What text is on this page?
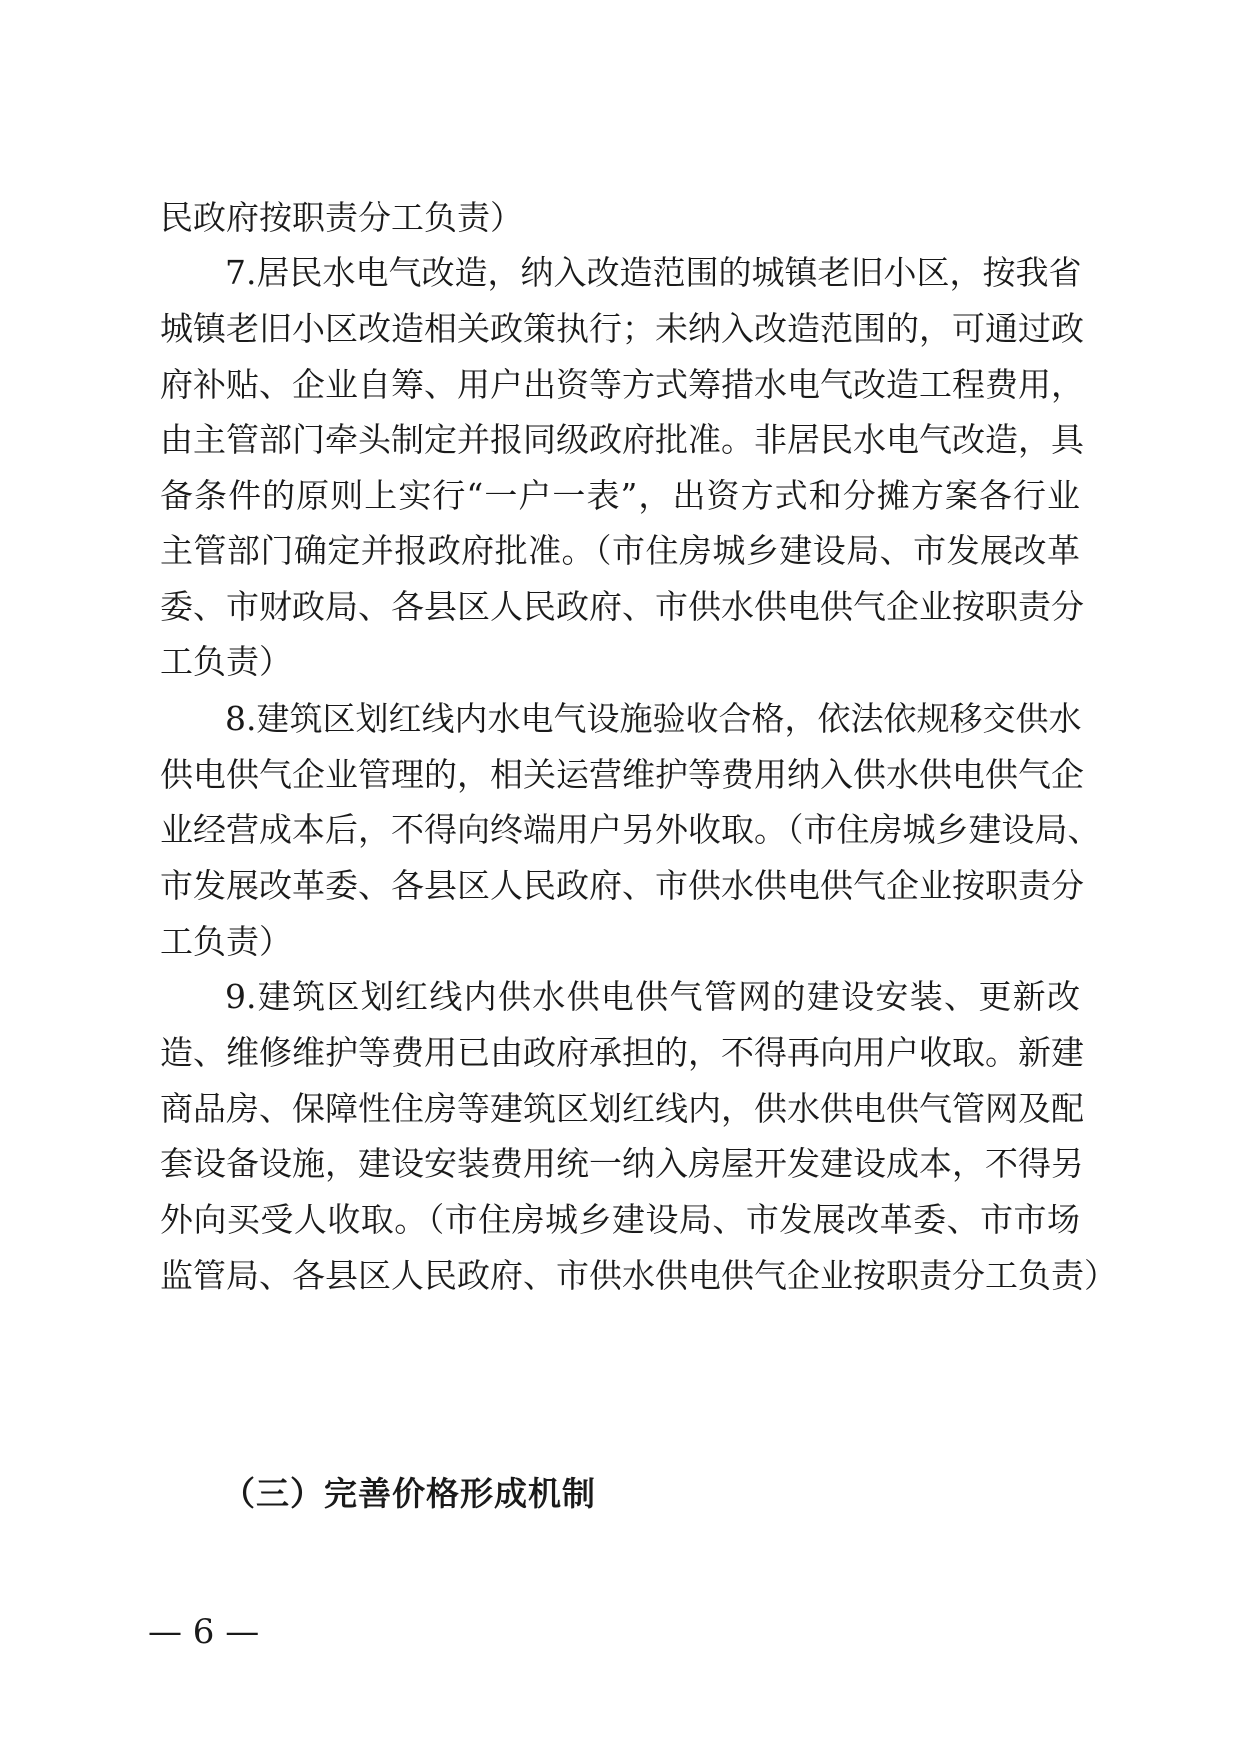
民政府按职责分工负责）
7.居民水电气改造，纳入改造范围的城镇老旧小区，按我省
城镇老旧小区改造相关政策执行；未纳入改造范围的，可通过政
府补贴、企业自筹、用户出资等方式筹措水电气改造工程费用，
由主管部门牵头制定并报同级政府批准。非居民水电气改造，具
备条件的原则上实行“一户一表”，出资方式和分摊方案各行业
主管部门确定并报政府批准。（市住房城乡建设局、市发展改革
委、市财政局、各县区人民政府、市供水供电供气企业按职责分
工负责）
8.建筑区划红线内水电气设施验收合格，依法依规移交供水
供电供气企业管理的，相关运营维护等费用纳入供水供电供气企
业经营成本后，不得向终端用户另外收取。（市住房城乡建设局、
市发展改革委、各县区人民政府、市供水供电供气企业按职责分
工负责）
9.建筑区划红线内供水供电供气管网的建设安装、更新改
造、维修维护等费用已由政府承担的，不得再向用户收取。新建
商品房、保障性住房等建筑区划红线内，供水供电供气管网及配
套设备设施，建设安装费用统一纳入房屋开发建设成本，不得另
外向买受人收取。（市住房城乡建设局、市发展改革委、市市场
监管局、各县区人民政府、市供水供电供气企业按职责分工负责）
（三）完善价格形成机制
— 6 —
